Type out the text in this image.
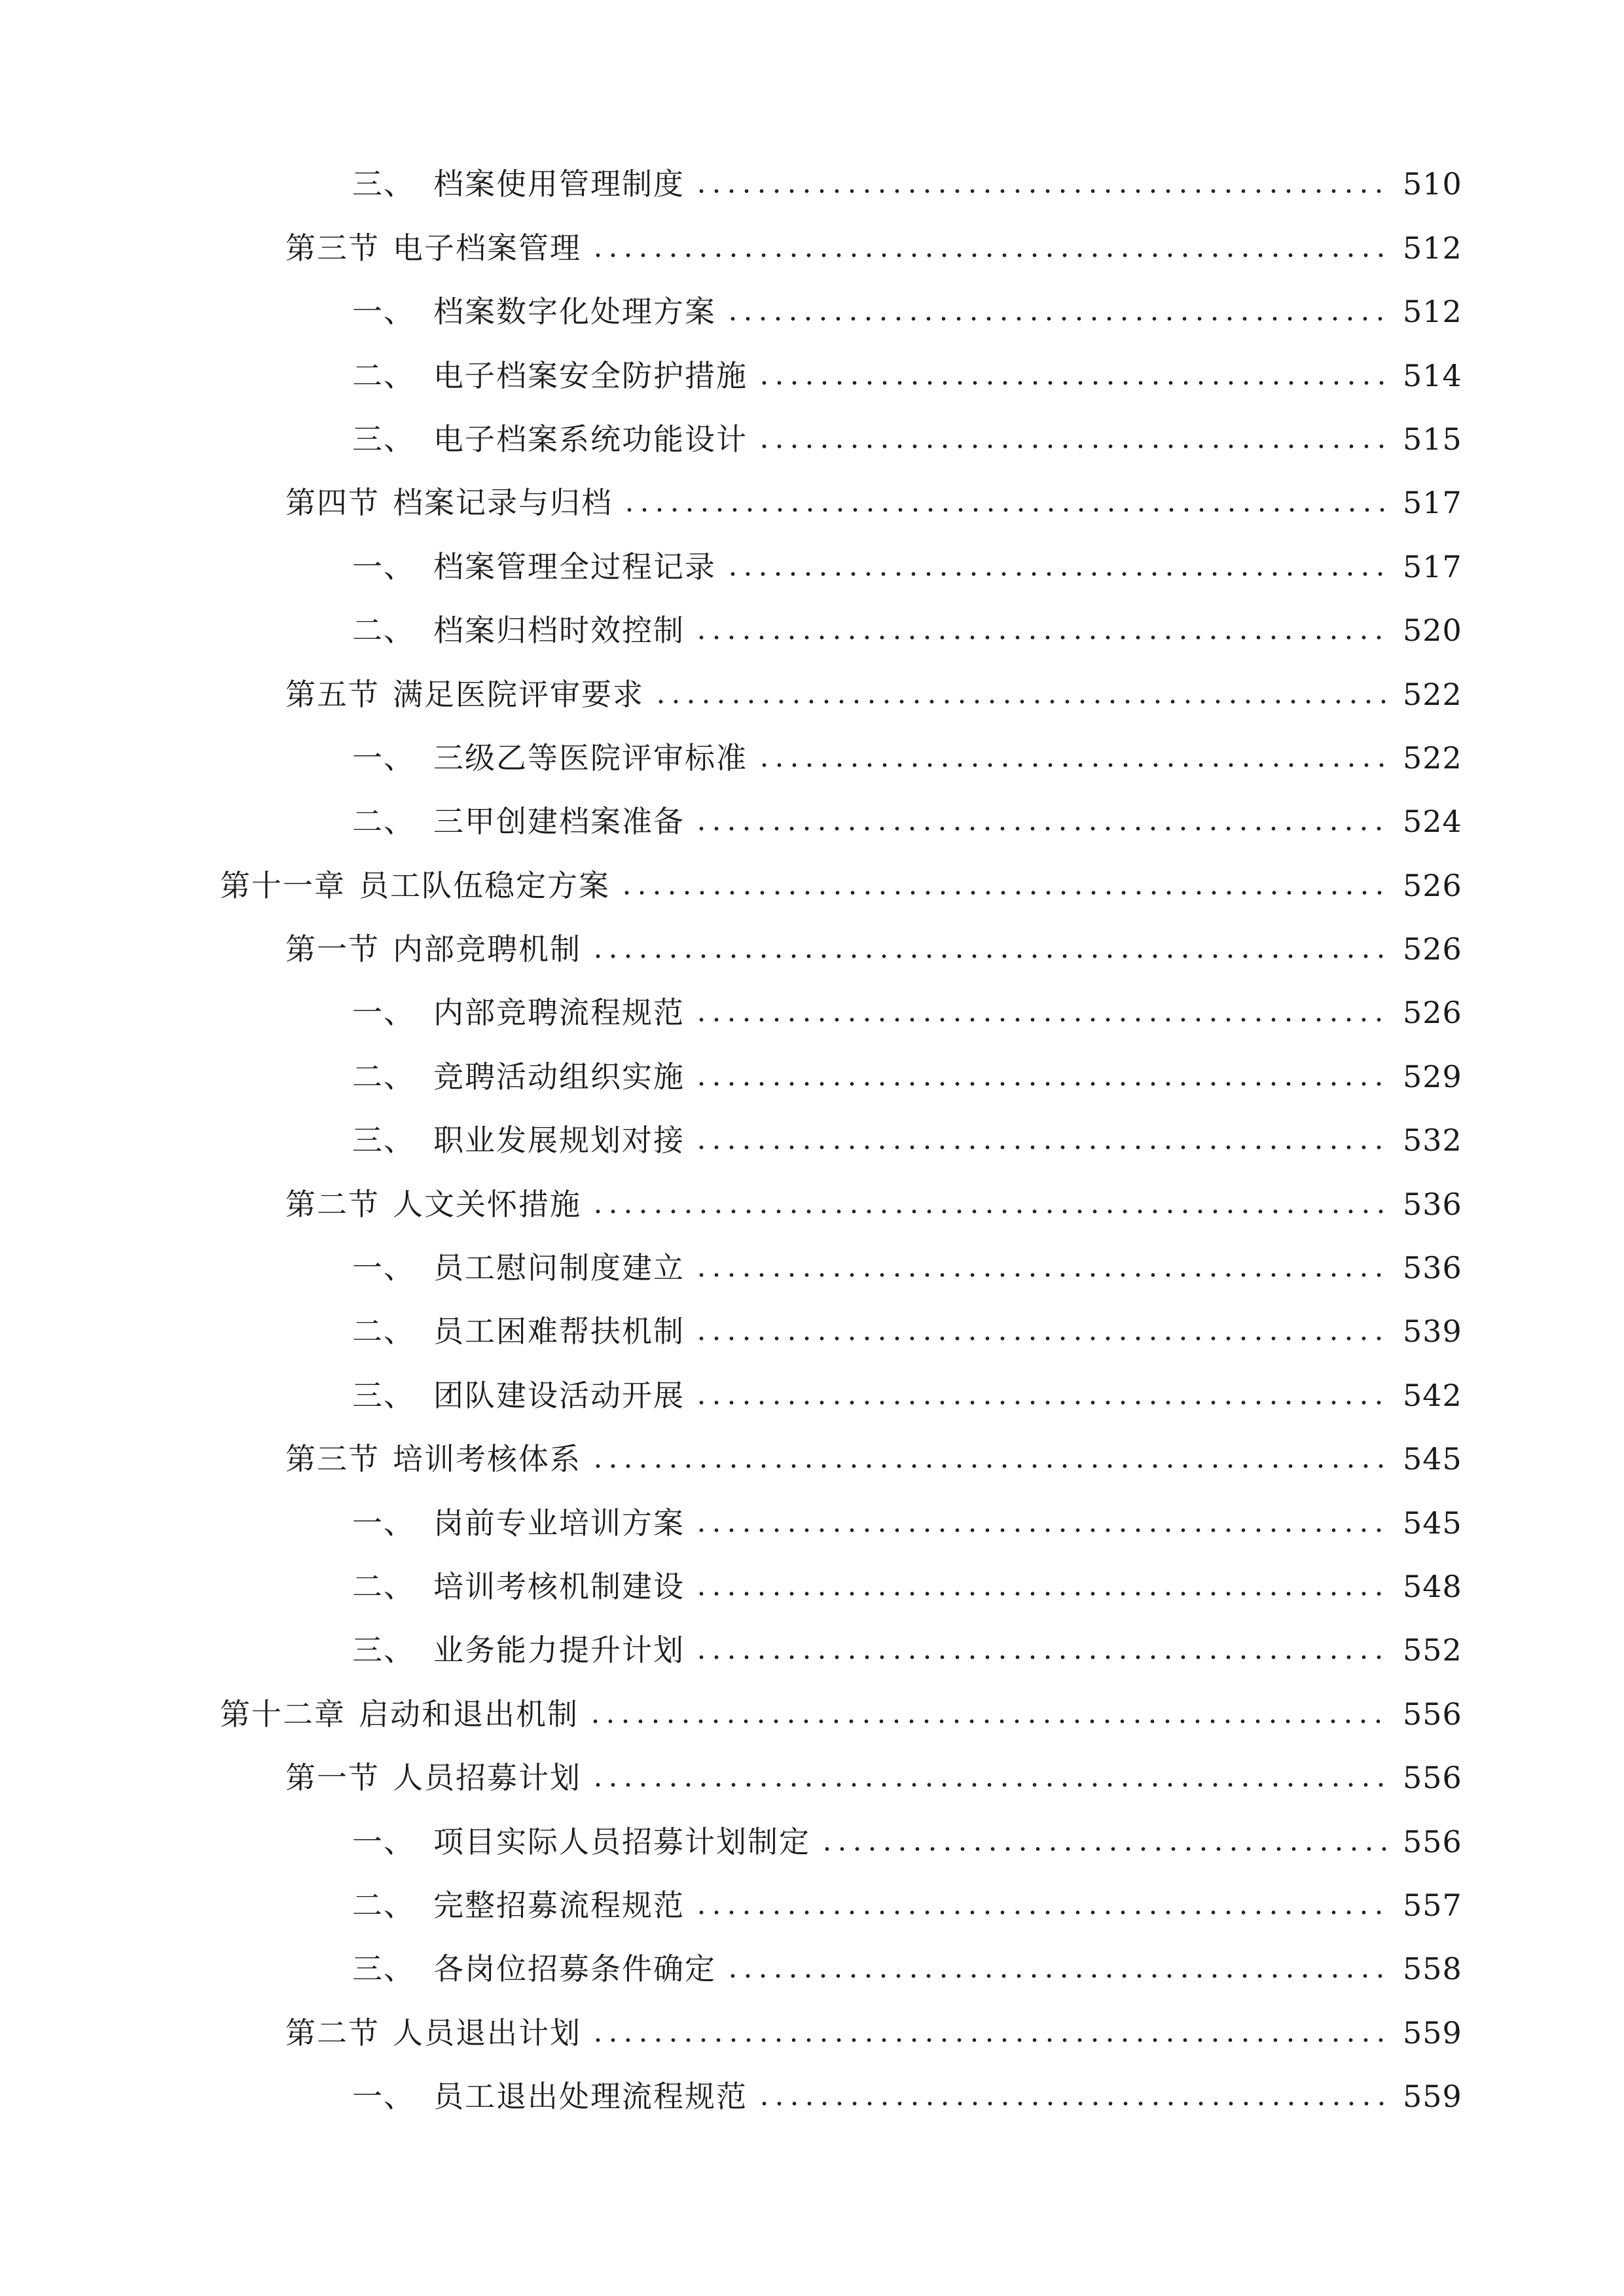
三、 档案使用管理制度	510
第三节 电子档案管理	512
一、 档案数字化处理方案	512
二、 电子档案安全防护措施	514
三、 电子档案系统功能设计	515
第四节 档案记录与归档	517
一、 档案管理全过程记录	517
二、 档案归档时效控制	520
第五节 满足医院评审要求	522
一、 三级乙等医院评审标准	522
二、 三甲创建档案准备	524
第十一章 员工队伍稳定方案	526
第一节 内部竞聘机制	526
一、 内部竞聘流程规范	526
二、 竞聘活动组织实施	529
三、 职业发展规划对接	532
第二节 人文关怀措施	536
一、 员工慰问制度建立	536
二、 员工困难帮扶机制	539
三、 团队建设活动开展	542
第三节 培训考核体系	545
一、 岗前专业培训方案	545
二、 培训考核机制建设	548
三、 业务能力提升计划	552
第十二章 启动和退出机制	556
第一节 人员招募计划	556
一、 项目实际人员招募计划制定	556
二、 完整招募流程规范	557
三、 各岗位招募条件确定	558
第二节 人员退出计划	559
一、 员工退出处理流程规范	559
